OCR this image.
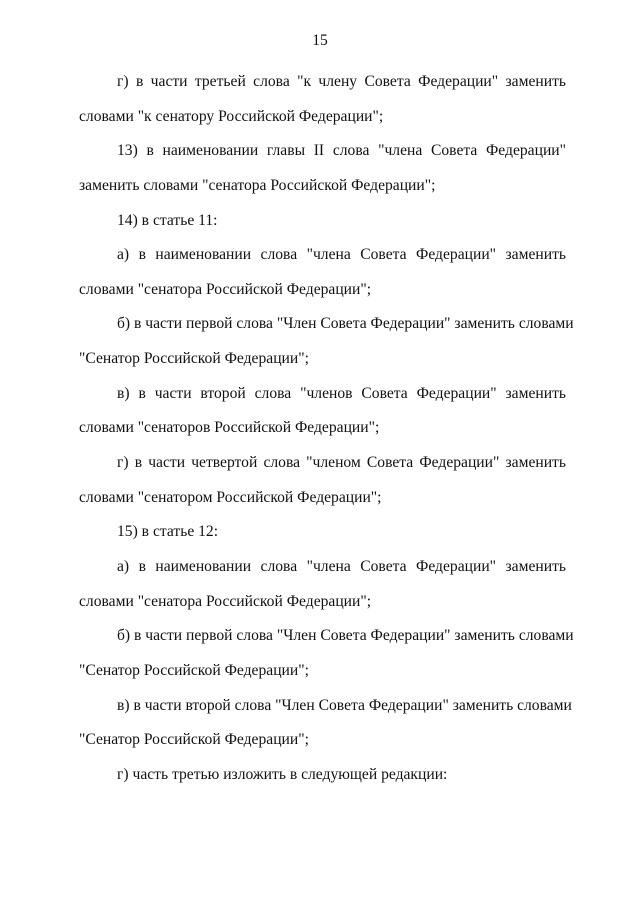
15
г) в части третьей слова "к члену Совета Федерации" заменить
словами "к сенатору Российской Федерации";
13) в наименовании главы II слова "члена Совета Федерации"
заменить словами "сенатора Российской Федерации";
14) в статье 11:
а) в наименовании слова "члена Совета Федерации" заменить
словами "сенатора Российской Федерации";
б) в части первой слова "Член Совета Федерации" заменить словами
"Сенатор Российской Федерации";
в) в части второй слова "членов Совета Федерации" заменить
словами "сенаторов Российской Федерации";
г) в части четвертой слова "членом Совета Федерации" заменить
словами "сенатором Российской Федерации";
15) в статье 12:
а) в наименовании слова "члена Совета Федерации" заменить
словами "сенатора Российской Федерации";
б) в части первой слова "Член Совета Федерации" заменить словами
"Сенатор Российской Федерации";
в) в части второй слова "Член Совета Федерации" заменить словами
"Сенатор Российской Федерации";
г) часть третью изложить в следующей редакции:
